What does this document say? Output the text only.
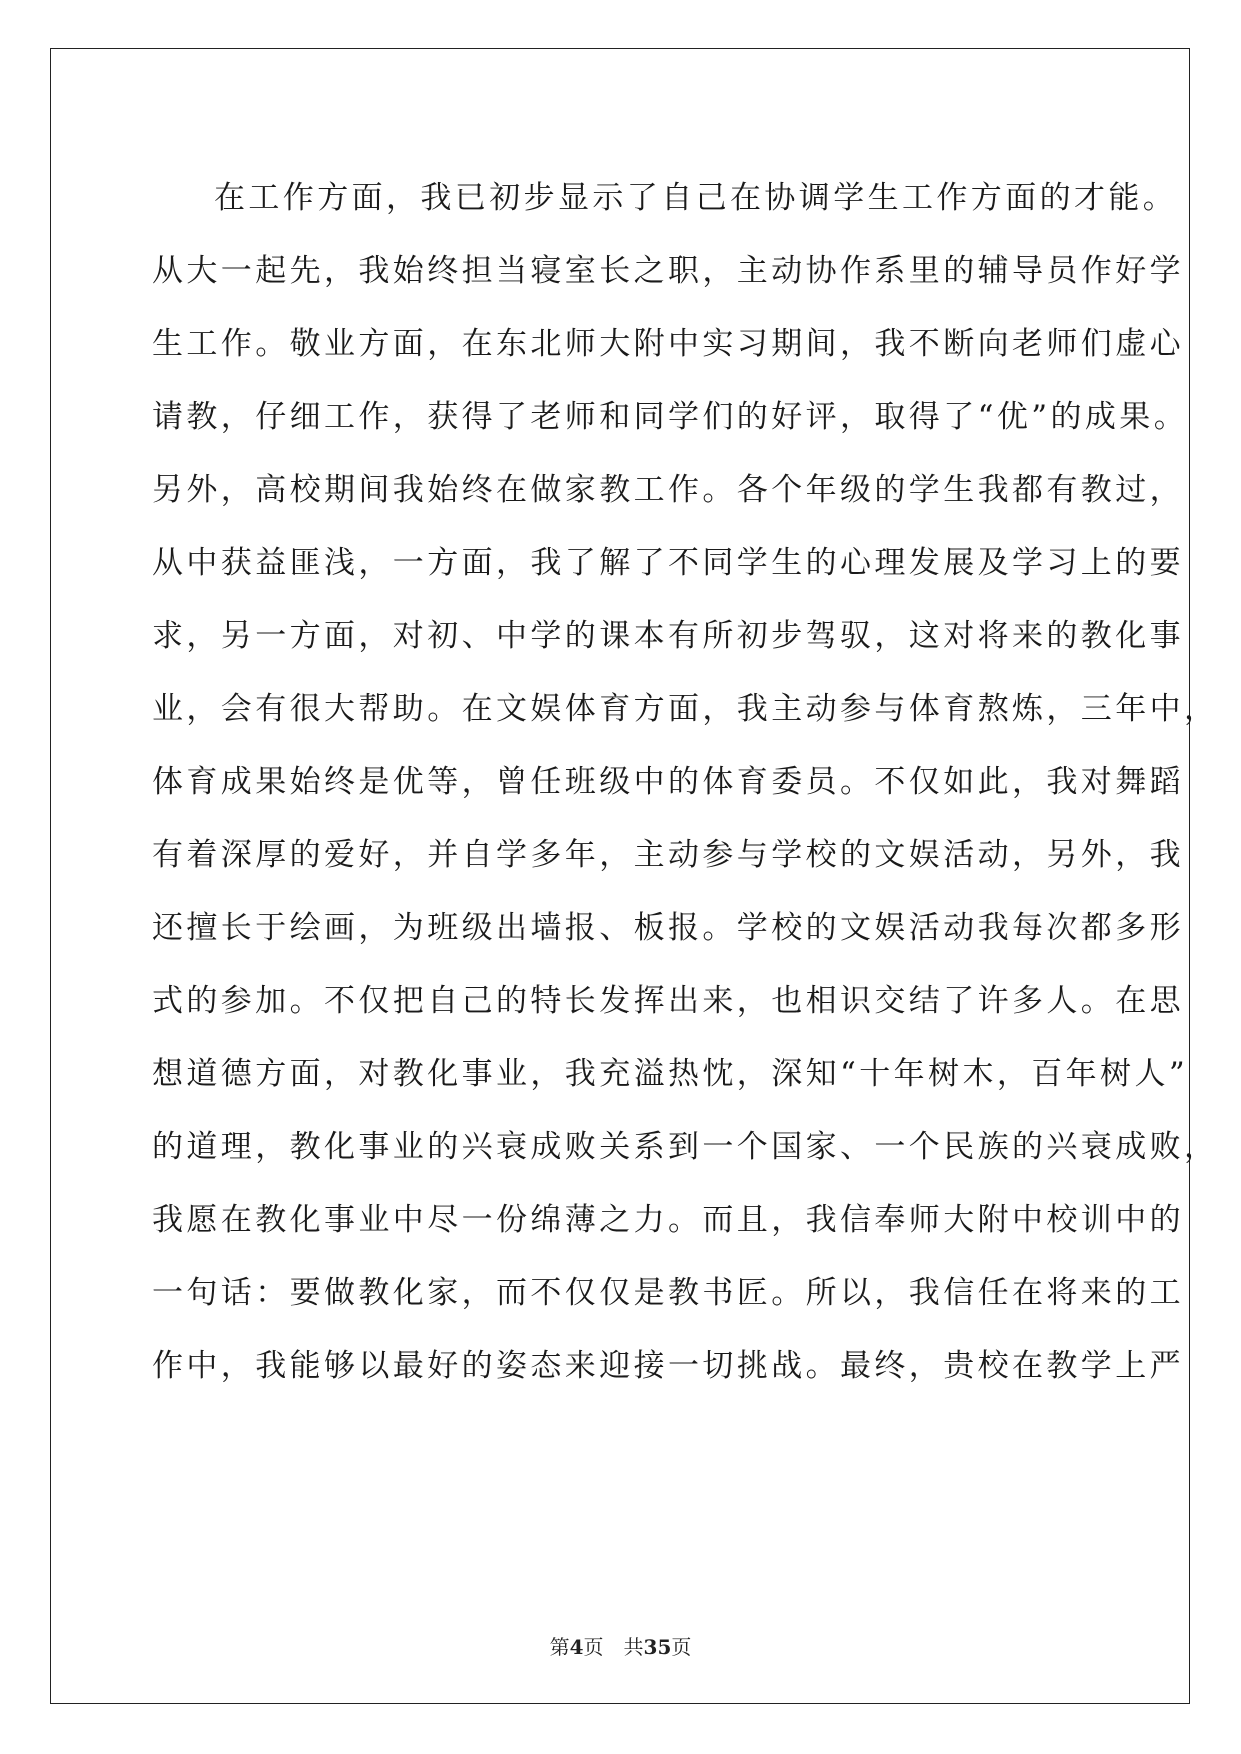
在工作方面，我已初步显示了自己在协调学生工作方面的才能。
从大一起先，我始终担当寝室长之职，主动协作系里的辅导员作好学
生工作。敬业方面，在东北师大附中实习期间，我不断向老师们虚心
请教，仔细工作，获得了老师和同学们的好评，取得了“优”的成果。
另外，高校期间我始终在做家教工作。各个年级的学生我都有教过，
从中获益匪浅，一方面，我了解了不同学生的心理发展及学习上的要
求，另一方面，对初、中学的课本有所初步驾驭，这对将来的教化事
业，会有很大帮助。在文娱体育方面，我主动参与体育熬炼，三年中，
体育成果始终是优等，曾任班级中的体育委员。不仅如此，我对舞蹈
有着深厚的爱好，并自学多年，主动参与学校的文娱活动，另外，我
还擅长于绘画，为班级出墙报、板报。学校的文娱活动我每次都多形
式的参加。不仅把自己的特长发挥出来，也相识交结了许多人。在思
想道德方面，对教化事业，我充溢热忱，深知“十年树木，百年树人”
的道理，教化事业的兴衰成败关系到一个国家、一个民族的兴衰成败，
我愿在教化事业中尽一份绵薄之力。而且，我信奉师大附中校训中的
一句话：要做教化家，而不仅仅是教书匠。所以，我信任在将来的工
作中，我能够以最好的姿态来迎接一切挑战。最终，贵校在教学上严
第4页 共35页
